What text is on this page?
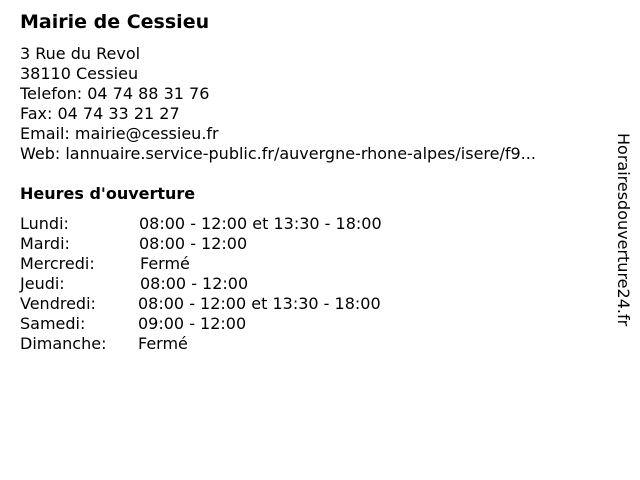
Mairie de Cessieu
3 Rue du Revol
38110 Cessieu
Telefon: 04 74 88 31 76
Fax: 04 74 33 21 27
Email: mairie@cessieu.fr
Web: lannuaire.service-public.fr/auvergne-rhone-alpes/isere/f9...
Heures d'ouverture
Lundi:	08:00 - 12:00 et 13:30 - 18:00
Mardi:	08:00 - 12:00
Mercredi:	Fermé
Jeudi:	08:00 - 12:00
Vendredi:	08:00 - 12:00 et 13:30 - 18:00
Samedi:	09:00 - 12:00
Dimanche: Fermé
Horairesdouverture24.fr
